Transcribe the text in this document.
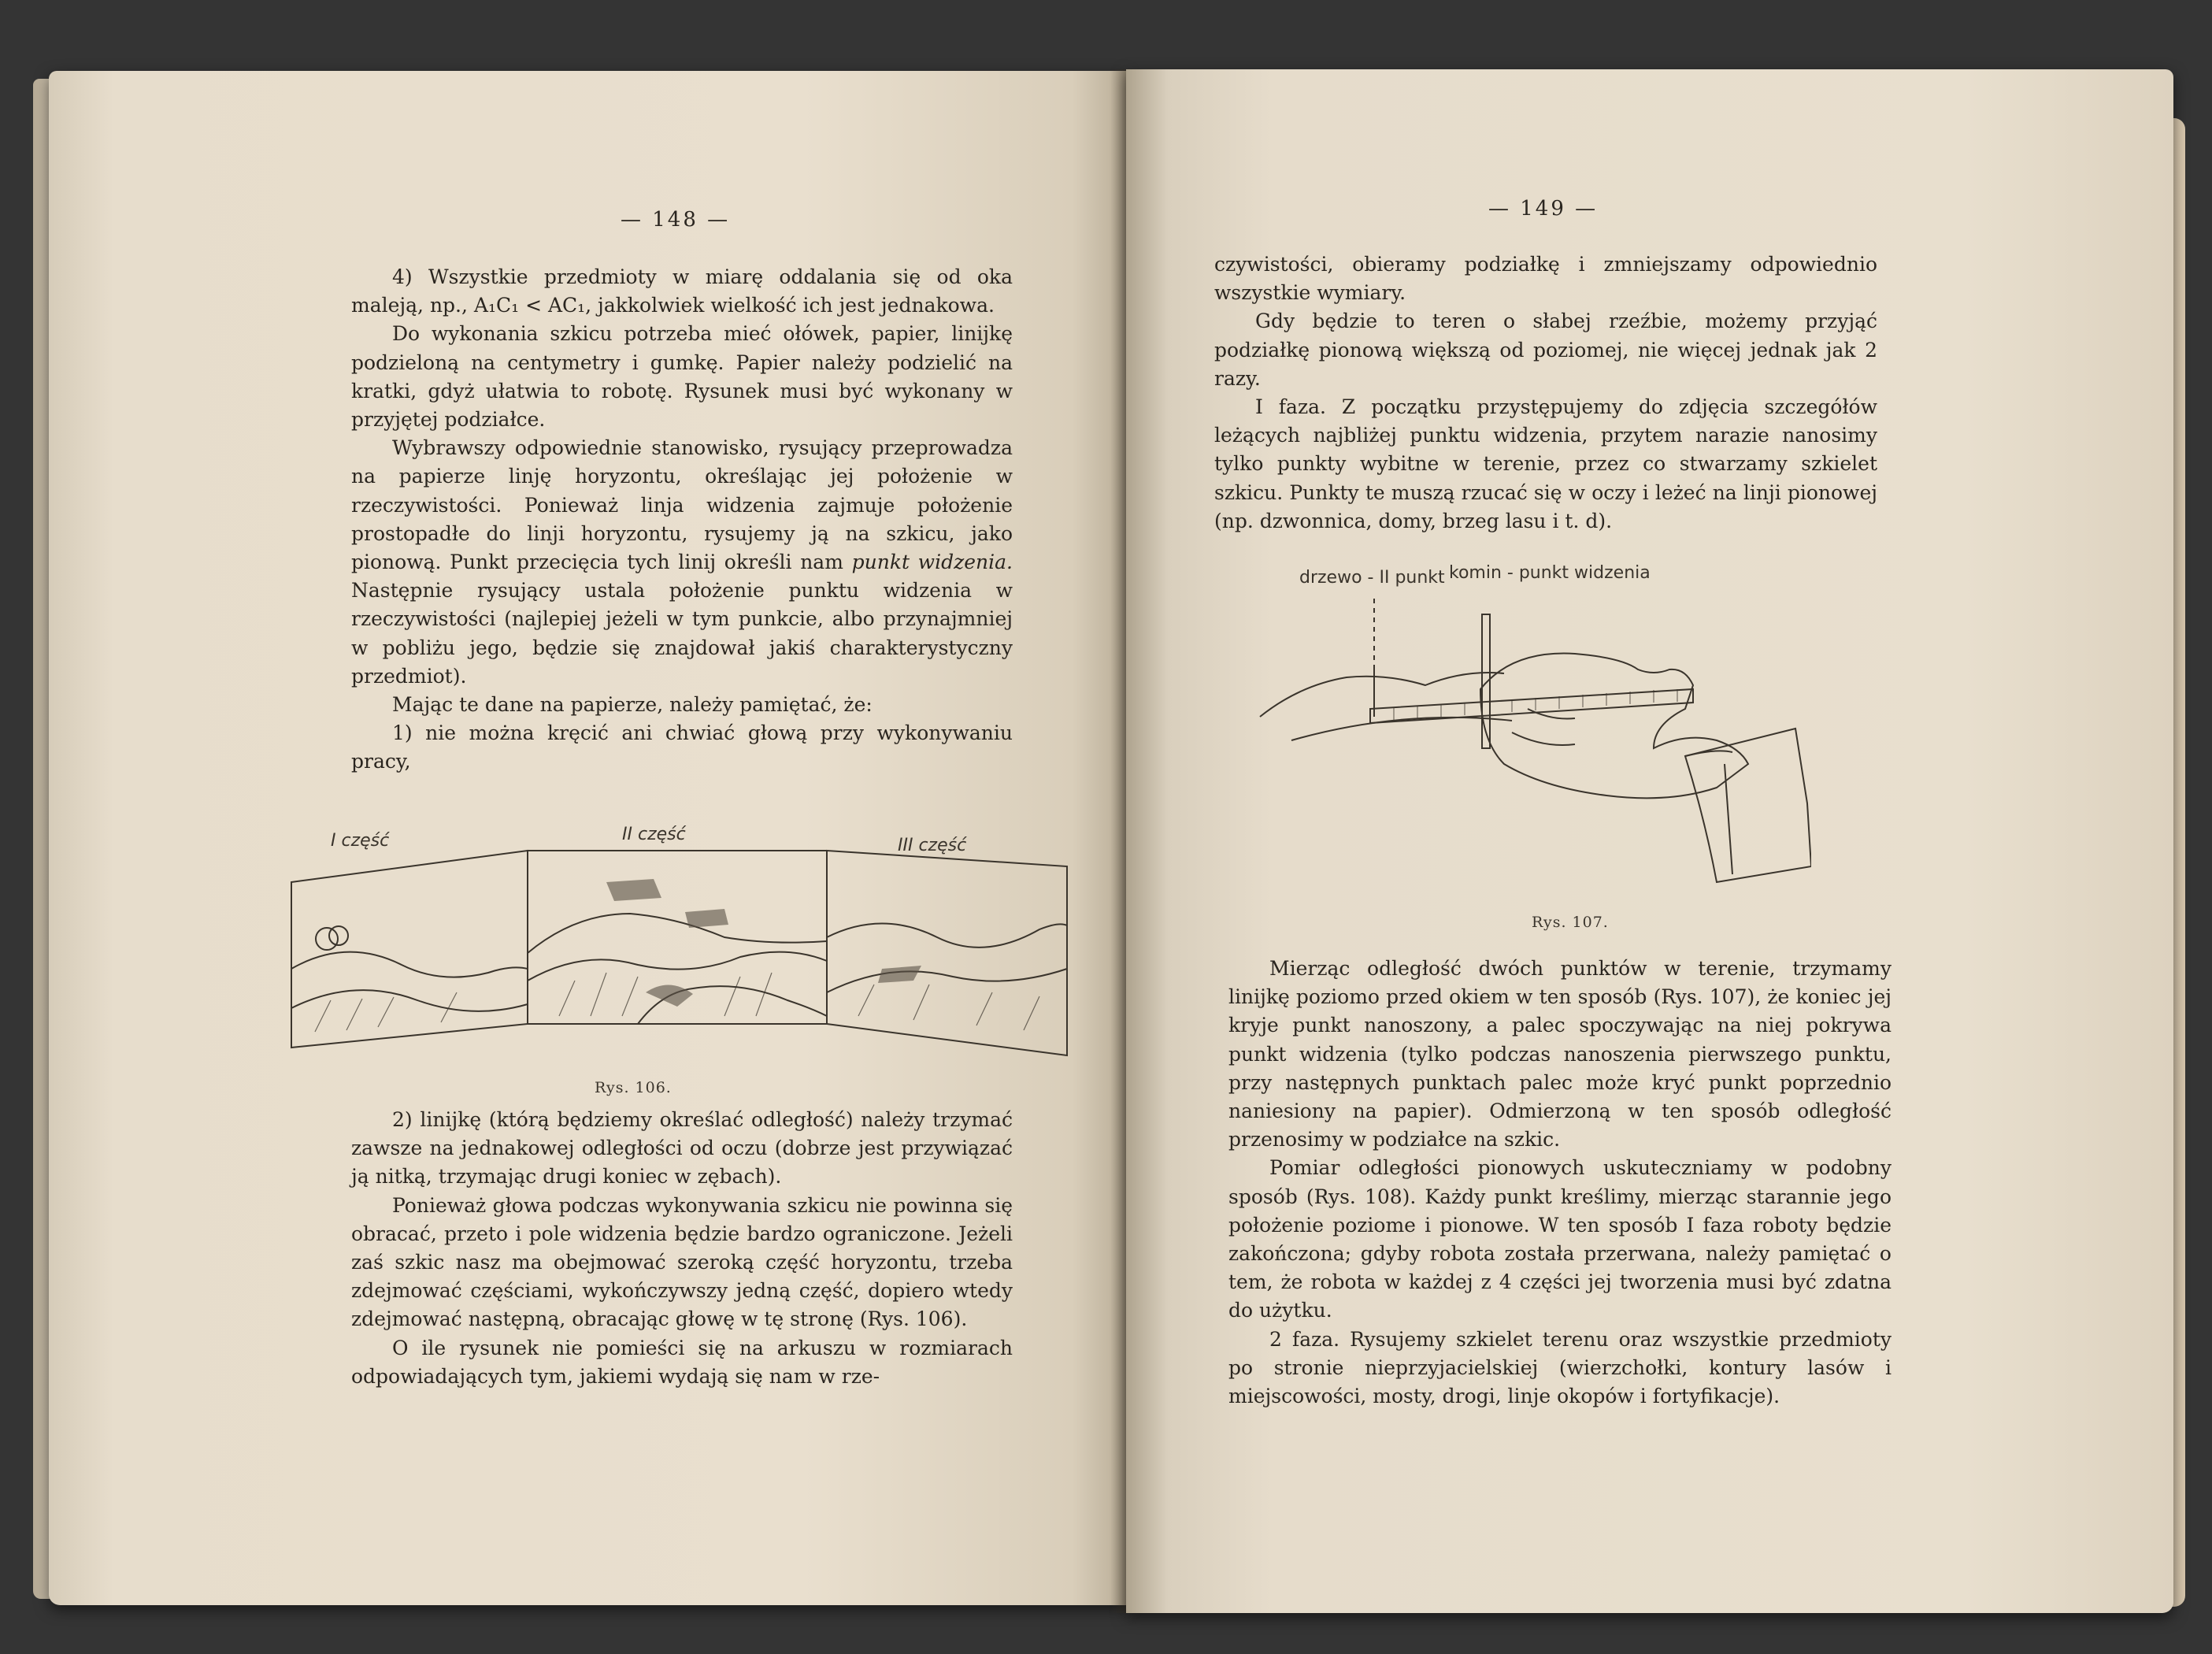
— 148 —

4) Wszystkie przedmioty w miarę oddalania się od oka maleją, np., A₁C₁ < AC₁, jakkolwiek wielkość ich jest jednakowa.

Do wykonania szkicu potrzeba mieć ołówek, papier, linijkę podzieloną na centymetry i gumkę. Papier należy podzielić na kratki, gdyż ułatwia to robotę. Rysunek musi być wykonany w przyjętej podziałce.

Wybrawszy odpowiednie stanowisko, rysujący przeprowadza na papierze linję horyzontu, określając jej położenie w rzeczywistości. Ponieważ linja widzenia zajmuje położenie prostopadłe do linji horyzontu, rysujemy ją na szkicu, jako pionową. Punkt przecięcia tych linij określi nam punkt widzenia. Następnie rysujący ustala położenie punktu widzenia w rzeczywistości (najlepiej jeżeli w tym punkcie, albo przynajmniej w pobliżu jego, będzie się znajdował jakiś charakterystyczny przedmiot).

Mając te dane na papierze, należy pamiętać, że:

1) nie można kręcić ani chwiać głową przy wykonywaniu pracy,

I część	II część
III część
Rys. 106.

2) linijkę (którą będziemy określać odległość) należy trzymać zawsze na jednakowej odległości od oczu (dobrze jest przywiązać ją nitką, trzymając drugi koniec w zębach).

Ponieważ głowa podczas wykonywania szkicu nie powinna się obracać, przeto i pole widzenia będzie bardzo ograniczone. Jeżeli zaś szkic nasz ma obejmować szeroką część horyzontu, trzeba zdejmować częściami, wykończywszy jedną część, dopiero wtedy zdejmować następną, obracając głowę w tę stronę (Rys. 106).

O ile rysunek nie pomieści się na arkuszu w rozmiarach odpowiadających tym, jakiemi wydają się nam w rze-

— 149 —

czywistości, obieramy podziałkę i zmniejszamy odpowiednio wszystkie wymiary.

Gdy będzie to teren o słabej rzeźbie, możemy przyjąć podziałkę pionową większą od poziomej, nie więcej jednak jak 2 razy.

I faza. Z początku przystępujemy do zdjęcia szczegółów leżących najbliżej punktu widzenia, przytem narazie nanosimy tylko punkty wybitne w terenie, przez co stwarzamy szkielet szkicu. Punkty te muszą rzucać się w oczy i leżeć na linji pionowej (np. dzwonnica, domy, brzeg lasu i t. d).

drzewo - II punkt komin - punkt widzenia
Rys. 107.

Mierząc odległość dwóch punktów w terenie, trzymamy linijkę poziomo przed okiem w ten sposób (Rys. 107), że koniec jej kryje punkt nanoszony, a palec spoczywając na niej pokrywa punkt widzenia (tylko podczas nanoszenia pierwszego punktu, przy następnych punktach palec może kryć punkt poprzednio naniesiony na papier). Odmierzoną w ten sposób odległość przenosimy w podziałce na szkic.

Pomiar odległości pionowych uskuteczniamy w podobny sposób (Rys. 108). Każdy punkt kreślimy, mierząc starannie jego położenie poziome i pionowe. W ten sposób I faza roboty będzie zakończona; gdyby robota została przerwana, należy pamiętać o tem, że robota w każdej z 4 części jej tworzenia musi być zdatna do użytku.

2 faza. Rysujemy szkielet terenu oraz wszystkie przedmioty po stronie nieprzyjacielskiej (wierzchołki, kontury lasów i miejscowości, mosty, drogi, linje okopów i fortyfikacje).
